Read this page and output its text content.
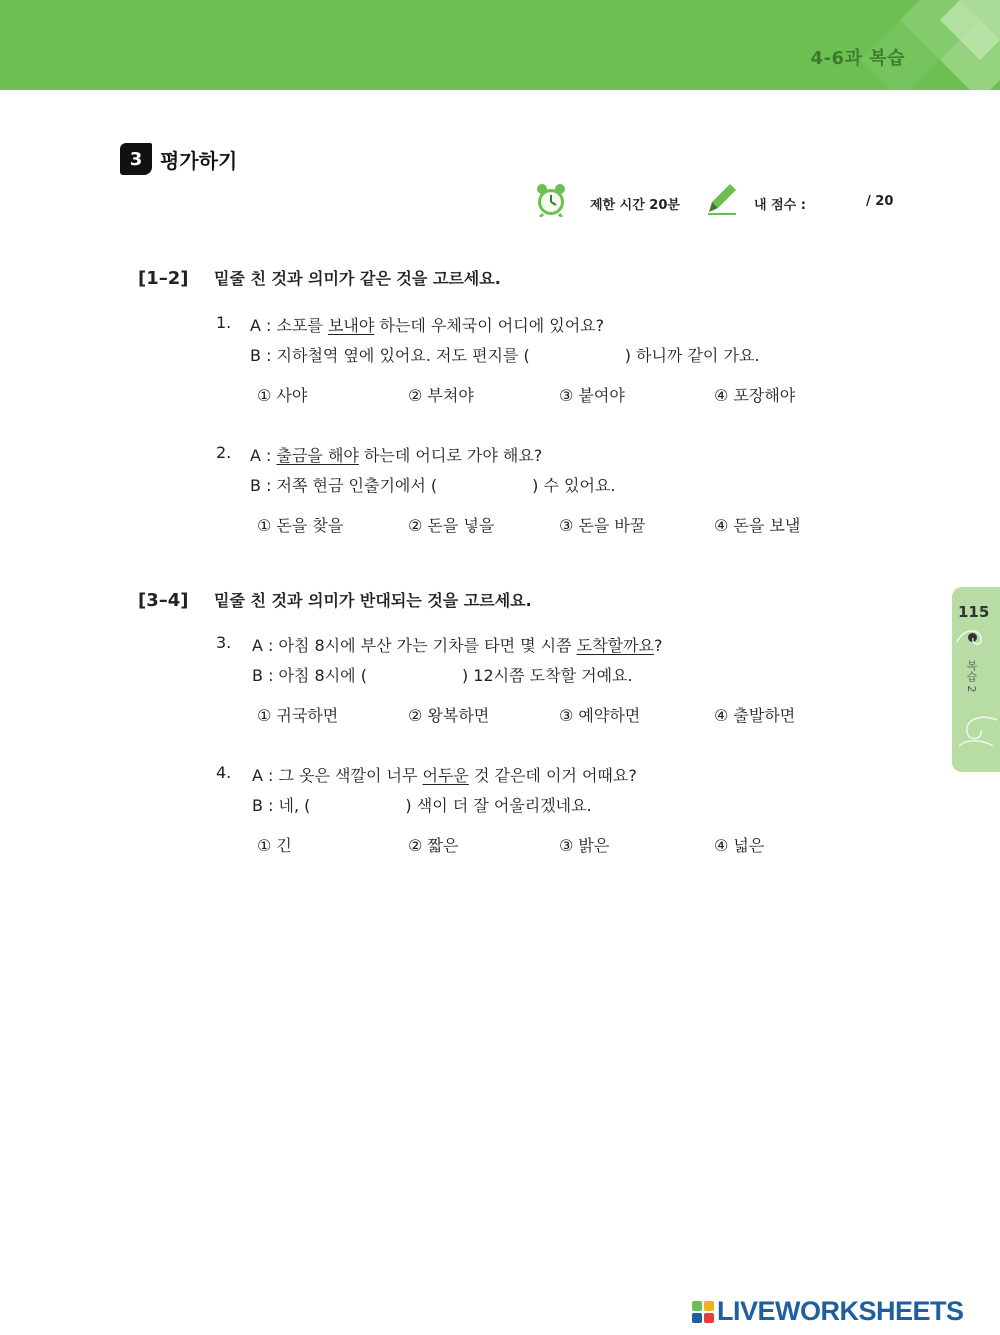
4-6과 복습
3 평가하기
제한 시간 20분	내 점수 :	/ 20
[1–2]	밑줄 친 것과 의미가 같은 것을 고르세요.
1. A : 소포를 보내야 하는데 우체국이 어디에 있어요?
B : 지하철역 옆에 있어요. 저도 편지를 (	) 하니까 같이 가요.
① 사야	② 부쳐야	③ 붙여야	④ 포장해야
2. A : 출금을 해야 하는데 어디로 가야 해요?
B : 저쪽 현금 인출기에서 (	) 수 있어요.
① 돈을 찾을	② 돈을 넣을	③ 돈을 바꿀	④ 돈을 보낼
[3–4]	밑줄 친 것과 의미가 반대되는 것을 고르세요.
3. A : 아침 8시에 부산 가는 기차를 타면 몇 시쯤 도착할까요?
B : 아침 8시에 (	) 12시쯤 도착할 거예요.
① 귀국하면	② 왕복하면	③ 예약하면	④ 출발하면
4. A : 그 옷은 색깔이 너무 어두운 것 같은데 이거 어때요?
B : 네, (	) 색이 더 잘 어울리겠네요.
① 긴	② 짧은	③ 밝은	④ 넓은
115
복습 2
LIVEWORKSHEETS
